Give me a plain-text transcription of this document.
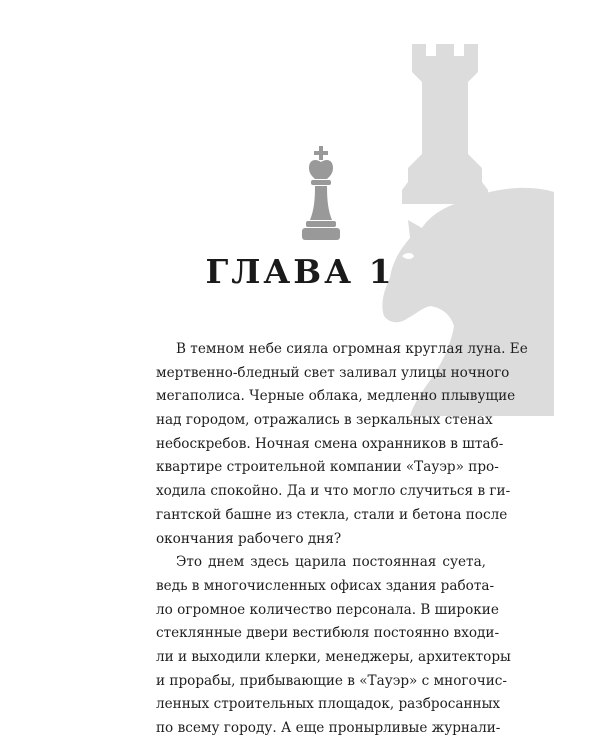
ГЛАВА 1
В темном небе сияла огромная круглая луна. Ее
мертвенно-бледный свет заливал улицы ночного
мегаполиса. Черные облака, медленно плывущие
над городом, отражались в зеркальных стенах
небоскребов. Ночная смена охранников в штаб-
квартире строительной компании «Тауэр» про-
ходила спокойно. Да и что могло случиться в ги-
гантской башне из стекла, стали и бетона после
окончания рабочего дня?
Это днем здесь царила постоянная суета,
ведь в многочисленных офисах здания работа-
ло огромное количество персонала. В широкие
стеклянные двери вестибюля постоянно входи-
ли и выходили клерки, менеджеры, архитекторы
и прорабы, прибывающие в «Тауэр» с многочис-
ленных строительных площадок, разбросанных
по всему городу. А еще пронырливые журнали-
